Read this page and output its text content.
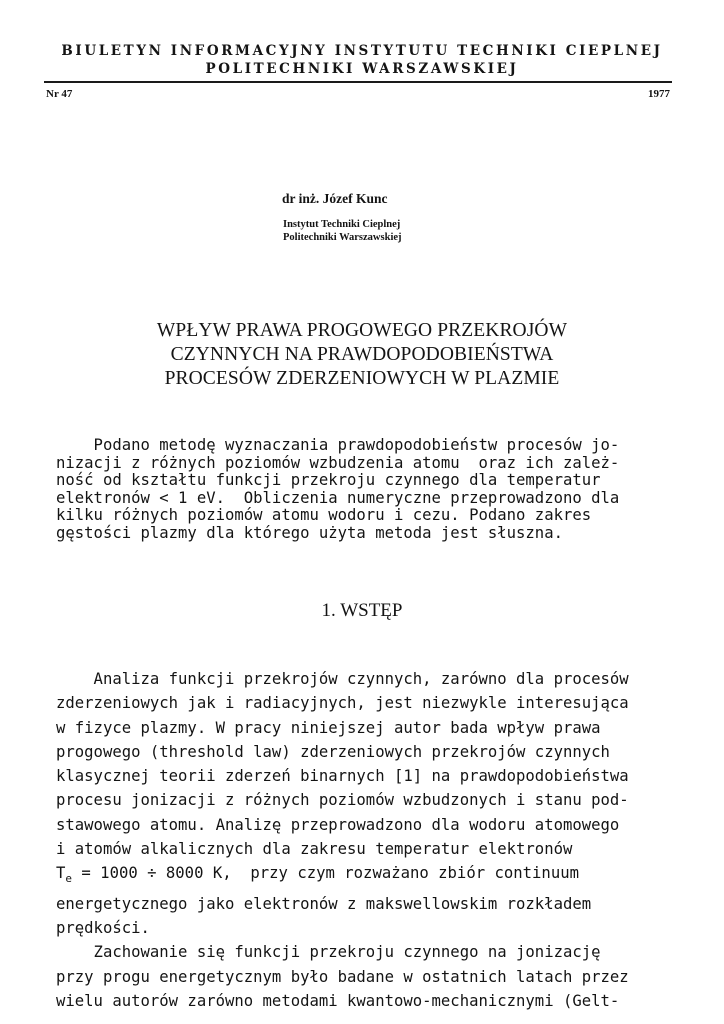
BIULETYN INFORMACYJNY INSTYTUTU TECHNIKI CIEPLNEJ
POLITECHNIKI WARSZAWSKIEJ
Nr 47	1977
dr inż. Józef Kunc
Instytut Techniki Cieplnej
Politechniki Warszawskiej
WPŁYW PRAWA PROGOWEGO PRZEKROJÓW
CZYNNYCH NA PRAWDOPODOBIEŃSTWA
PROCESÓW ZDERZENIOWYCH W PLAZMIE
Podano metodę wyznaczania prawdopodobieństw procesów jo-
nizacji z różnych poziomów wzbudzenia atomu  oraz ich zależ-
ność od kształtu funkcji przekroju czynnego dla temperatur
elektronów < 1 eV.  Obliczenia numeryczne przeprowadzono dla
kilku różnych poziomów atomu wodoru i cezu. Podano zakres
gęstości plazmy dla którego użyta metoda jest słuszna.
1. WSTĘP
Analiza funkcji przekrojów czynnych, zarówno dla procesów
zderzeniowych jak i radiacyjnych, jest niezwykle interesująca
w fizyce plazmy. W pracy niniejszej autor bada wpływ prawa
progowego (threshold law) zderzeniowych przekrojów czynnych
klasycznej teorii zderzeń binarnych [1] na prawdopodobieństwa
procesu jonizacji z różnych poziomów wzbudzonych i stanu pod-
stawowego atomu. Analizę przeprowadzono dla wodoru atomowego
i atomów alkalicznych dla zakresu temperatur elektronów
$T_e = 1000 \div 8000$ K,  przy czym rozważano zbiór continuum
energetycznego jako elektronów z makswellowskim rozkładem
prędkości.
Zachowanie się funkcji przekroju czynnego na jonizację
przy progu energetycznym było badane w ostatnich latach przez
wielu autorów zarówno metodami kwantowo-mechanicznymi (Gelt-
